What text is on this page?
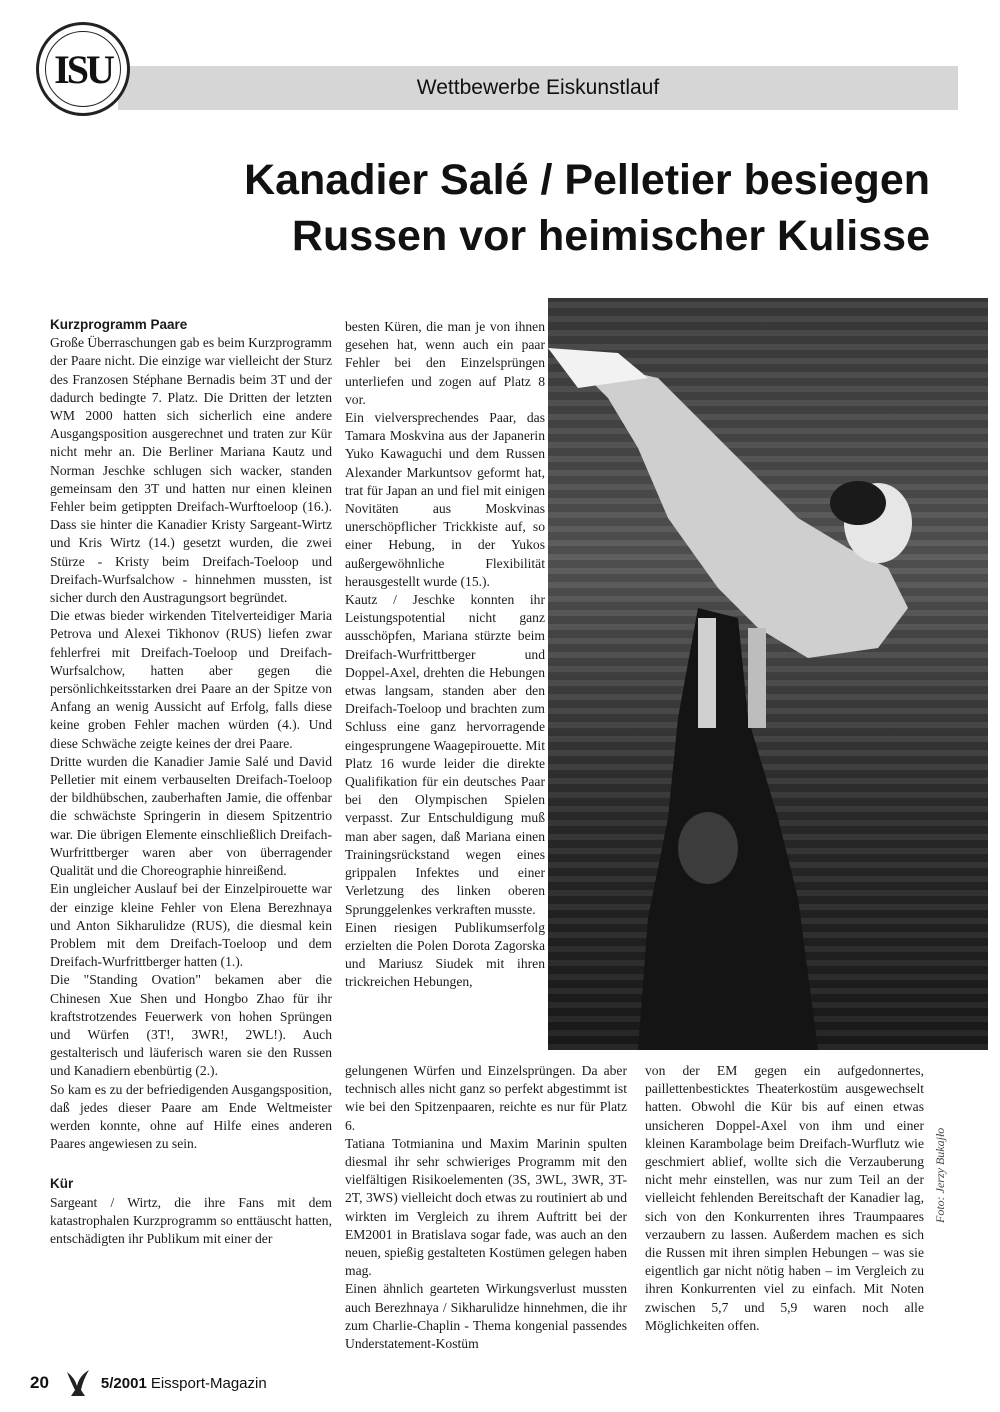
ISU	Wettbewerbe Eiskunstlauf
Kanadier Salé / Pelletier besiegen
Russen vor heimischer Kulisse

Kurzprogramm Paare

Große Überraschungen gab es beim Kurzprogramm der Paare nicht. Die einzige war vielleicht der Sturz des Franzosen Stéphane Bernadis beim 3T und der dadurch bedingte 7. Platz. Die Dritten der letzten WM 2000 hatten sich sicherlich eine andere Ausgangsposition ausgerechnet und traten zur Kür nicht mehr an. Die Berliner Mariana Kautz und Norman Jeschke schlugen sich wacker, standen gemeinsam den 3T und hatten nur einen kleinen Fehler beim getippten Dreifach-Wurftoeloop (16.). Dass sie hinter die Kanadier Kristy Sargeant-Wirtz und Kris Wirtz (14.) gesetzt wurden, die zwei Stürze - Kristy beim Dreifach-Toeloop und Dreifach-Wurfsalchow - hinnehmen mussten, ist sicher durch den Austragungsort begründet.

Die etwas bieder wirkenden Titelverteidiger Maria Petrova und Alexei Tikhonov (RUS) liefen zwar fehlerfrei mit Dreifach-Toeloop und Dreifach-Wurfsalchow, hatten aber gegen die persönlichkeitsstarken drei Paare an der Spitze von Anfang an wenig Aussicht auf Erfolg, falls diese keine groben Fehler machen würden (4.). Und diese Schwäche zeigte keines der drei Paare.

Dritte wurden die Kanadier Jamie Salé und David Pelletier mit einem verbauselten Dreifach-Toeloop der bildhübschen, zauberhaften Jamie, die offenbar die schwächste Springerin in diesem Spitzentrio war. Die übrigen Elemente einschließlich Dreifach-Wurfrittberger waren aber von überragender Qualität und die Choreographie hinreißend.

Ein ungleicher Auslauf bei der Einzelpirouette war der einzige kleine Fehler von Elena Berezhnaya und Anton Sikharulidze (RUS), die diesmal kein Problem mit dem Dreifach-Toeloop und dem Dreifach-Wurfrittberger hatten (1.).

Die "Standing Ovation" bekamen aber die Chinesen Xue Shen und Hongbo Zhao für ihr kraftstrotzendes Feuerwerk von hohen Sprüngen und Würfen (3T!, 3WR!, 2WL!). Auch gestalterisch und läuferisch waren sie den Russen und Kanadiern ebenbürtig (2.).

So kam es zu der befriedigenden Ausgangsposition, daß jedes dieser Paare am Ende Weltmeister werden konnte, ohne auf Hilfe eines anderen Paares angewiesen zu sein.

Kür

Sargeant / Wirtz, die ihre Fans mit dem katastrophalen Kurzprogramm so enttäuscht hatten, entschädigten ihr Publikum mit einer der

besten Küren, die man je von ihnen gesehen hat, wenn auch ein paar Fehler bei den Einzelsprüngen unterliefen und zogen auf Platz 8 vor.

Ein vielversprechendes Paar, das Tamara Moskvina aus der Japanerin Yuko Kawaguchi und dem Russen Alexander Markuntsov geformt hat, trat für Japan an und fiel mit einigen Novitäten aus Moskvinas unerschöpflicher Trickkiste auf, so einer Hebung, in der Yukos außergewöhnliche Flexibilität herausgestellt wurde (15.).

Kautz / Jeschke konnten ihr Leistungspotential nicht ganz ausschöpfen, Mariana stürzte beim Dreifach-Wurfrittberger und Doppel-Axel, drehten die Hebungen etwas langsam, standen aber den Dreifach-Toeloop und brachten zum Schluss eine ganz hervorragende eingesprungene Waagepirouette. Mit Platz 16 wurde leider die direkte Qualifikation für ein deutsches Paar bei den Olympischen Spielen verpasst. Zur Entschuldigung muß man aber sagen, daß Mariana einen Trainingsrückstand wegen eines grippalen Infektes und einer Verletzung des linken oberen Sprunggelenkes verkraften musste.

Einen riesigen Publikumserfolg erzielten die Polen Dorota Zagorska und Mariusz Siudek mit ihren trickreichen Hebungen,

gelungenen Würfen und Einzelsprüngen. Da aber technisch alles nicht ganz so perfekt abgestimmt ist wie bei den Spitzenpaaren, reichte es nur für Platz 6.

Tatiana Totmianina und Maxim Marinin spulten diesmal ihr sehr schwieriges Programm mit den vielfältigen Risikoelementen (3S, 3WL, 3WR, 3T-2T, 3WS) vielleicht doch etwas zu routiniert ab und wirkten im Vergleich zu ihrem Auftritt bei der EM2001 in Bratislava sogar fade, was auch an den neuen, spießig gestalteten Kostümen gelegen haben mag.

Einen ähnlich gearteten Wirkungsverlust mussten auch Berezhnaya / Sikharulidze hinnehmen, die ihr zum Charlie-Chaplin - Thema kongenial passendes Understatement-Kostüm

von der EM gegen ein aufgedonnertes, paillettenbesticktes Theaterkostüm ausgewechselt hatten. Obwohl die Kür bis auf einen etwas unsicheren Doppel-Axel von ihm und einer kleinen Karambolage beim Dreifach-Wurflutz wie geschmiert ablief, wollte sich die Verzauberung nicht mehr einstellen, was nur zum Teil an der vielleicht fehlenden Bereitschaft der Kanadier lag, sich von den Konkurrenten ihres Traumpaares verzaubern zu lassen. Außerdem machen es sich die Russen mit ihren simplen Hebungen – was sie eigentlich gar nicht nötig haben – im Vergleich zu ihren Konkurrenten viel zu einfach. Mit Noten zwischen 5,7 und 5,9 waren noch alle Möglichkeiten offen.

Foto: Jerzy Bukajło
20	5/2001 Eissport-Magazin
